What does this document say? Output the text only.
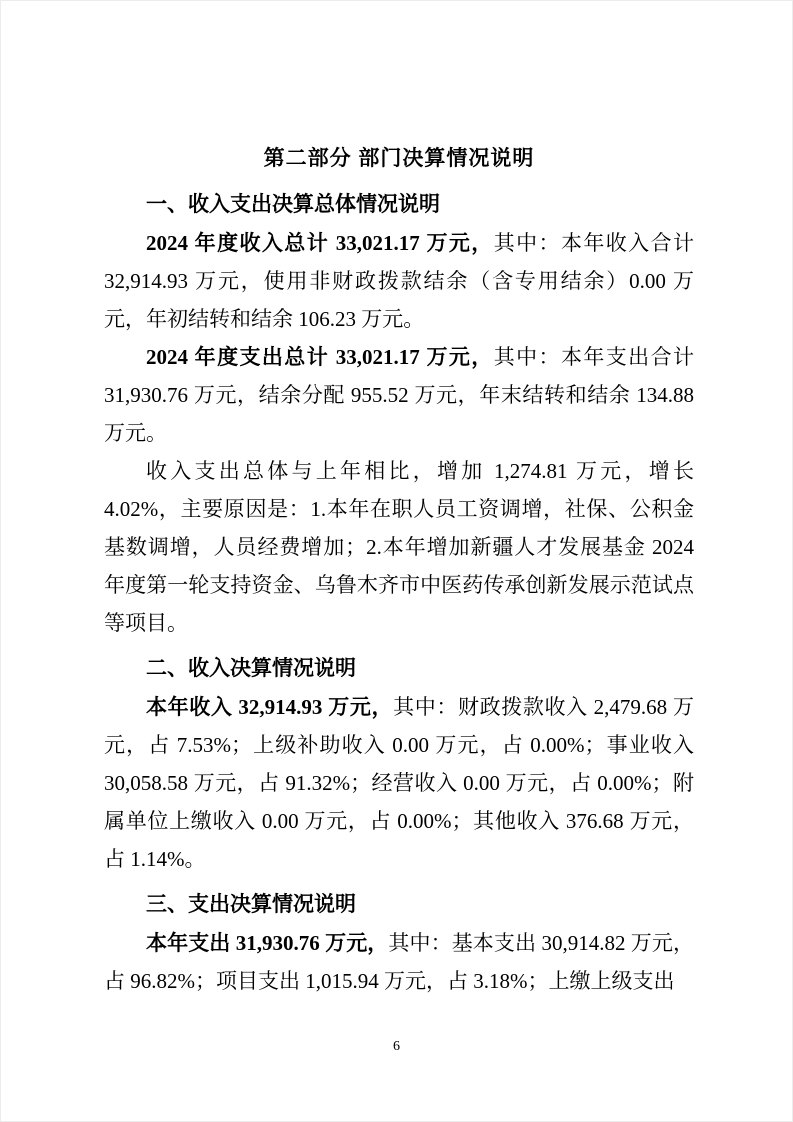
第二部分 部门决算情况说明
一、收入支出决算总体情况说明

2024 年度收入总计 33,021.17 万元，其中：本年收入合计 32,914.93 万元，使用非财政拨款结余（含专用结余）0.00 万元，年初结转和结余 106.23 万元。

2024 年度支出总计 33,021.17 万元，其中：本年支出合计 31,930.76 万元，结余分配 955.52 万元，年末结转和结余 134.88 万元。

收入支出总体与上年相比，增加 1,274.81 万元，增长 4.02%，主要原因是：1.本年在职人员工资调增，社保、公积金基数调增，人员经费增加；2.本年增加新疆人才发展基金 2024 年度第一轮支持资金、乌鲁木齐市中医药传承创新发展示范试点等项目。

二、收入决算情况说明

本年收入 32,914.93 万元，其中：财政拨款收入 2,479.68 万元，占 7.53%；上级补助收入 0.00 万元，占 0.00%；事业收入 30,058.58 万元，占 91.32%；经营收入 0.00 万元，占 0.00%；附属单位上缴收入 0.00 万元，占 0.00%；其他收入 376.68 万元，占 1.14%。

三、支出决算情况说明

本年支出 31,930.76 万元，其中：基本支出 30,914.82 万元，占 96.82%；项目支出 1,015.94 万元，占 3.18%；上缴上级支出

6
